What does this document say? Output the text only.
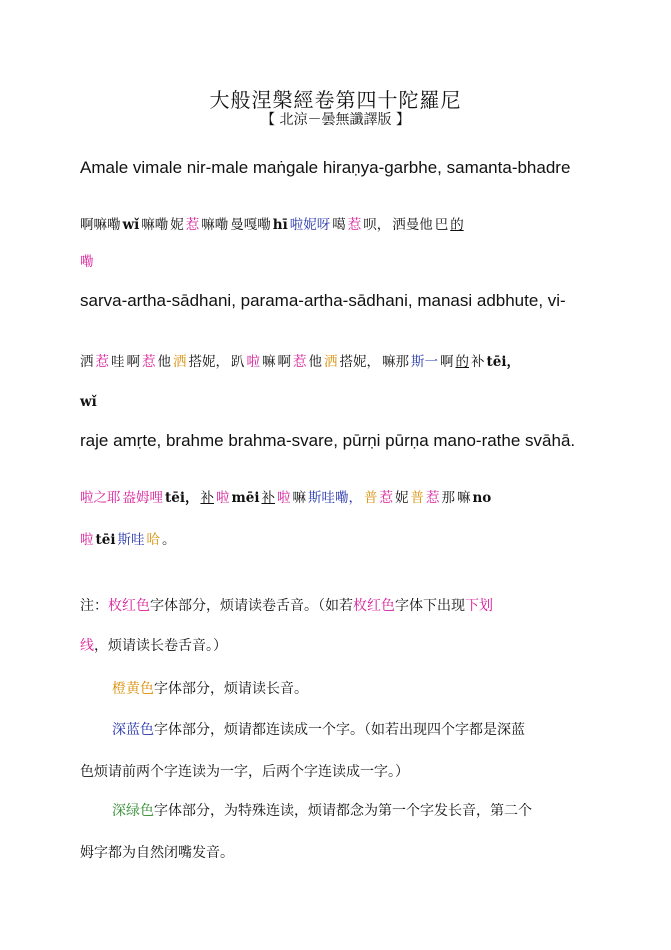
大般涅槃經卷第四十陀羅尼
【 北涼－曇無讖譯版 】
Amale vimale nir-male maṅgale hiraṇya-garbhe, samanta-bhadre
啊嘛嘞 wǐ 嘛嘞 妮 惹 嘛嘞 曼嘎嘞 hī 啦妮呀 噶 惹 呗， 洒曼他 巴 的
嘞
sarva-artha-sādhani, parama-artha-sādhani, manasi adbhute, vi-
洒 惹 哇 啊 惹 他 洒 搭妮， 趴 啦 嘛 啊 惹 他 洒 搭妮， 嘛那 斯一 啊 的 补 tēi，
wǐ
raje amṛte, brahme brahma-svare, pūrṇi pūrṇa mano-rathe svāhā.
啦之耶 盎姆哩 tēi， 补 啦 mēi 补 啦 嘛 斯哇嘞， 普 惹 妮 普 惹 那 嘛 no
啦 tēi 斯哇 哈 。
注：枚红色字体部分，烦请读卷舌音。（如若枚红色字体下出现下划
线，烦请读长卷舌音。）
橙黄色字体部分，烦请读长音。
深蓝色字体部分，烦请都连读成一个字。（如若出现四个字都是深蓝
色烦请前两个字连读为一字，后两个字连读成一字。）
深绿色字体部分，为特殊连读，烦请都念为第一个字发长音，第二个
姆字都为自然闭嘴发音。
